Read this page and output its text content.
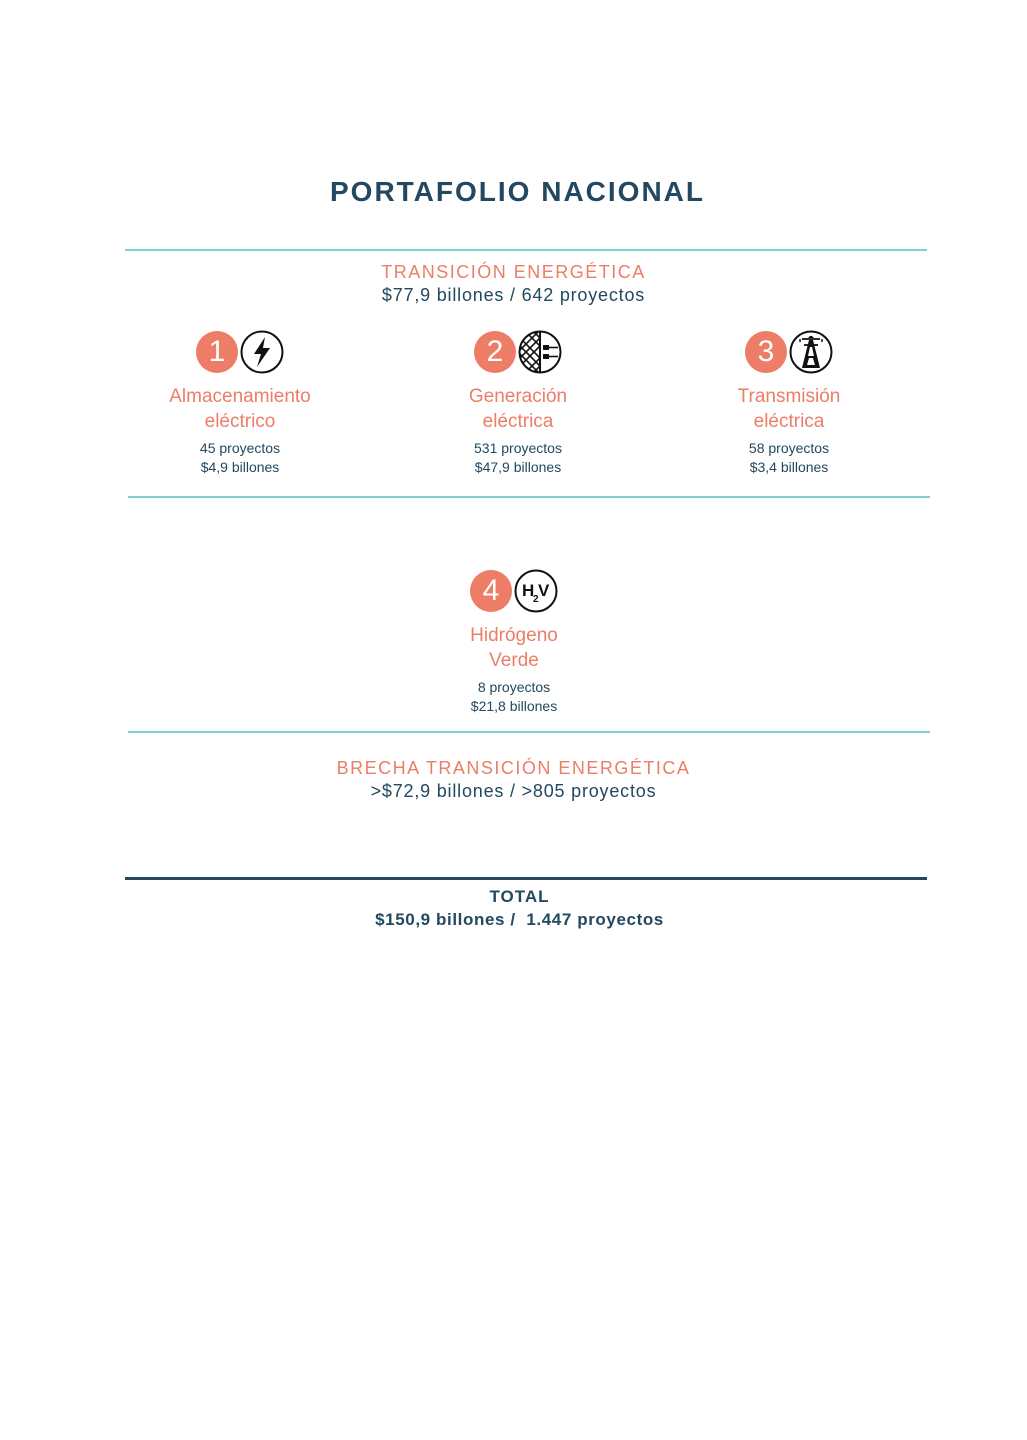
PORTAFOLIO NACIONAL
TRANSICIÓN ENERGÉTICA
$77,9 billones / 642 proyectos
1
Almacenamiento
eléctrico
45 proyectos
$4,9 billones
2
Generación
eléctrica
531 proyectos
$47,9 billones
3
Transmisión
eléctrica
58 proyectos
$3,4 billones
4	H
2 V
Hidrógeno
Verde
8 proyectos
$21,8 billones
BRECHA TRANSICIÓN ENERGÉTICA
>$72,9 billones / >805 proyectos
TOTAL
$150,9 billones /  1.447 proyectos
